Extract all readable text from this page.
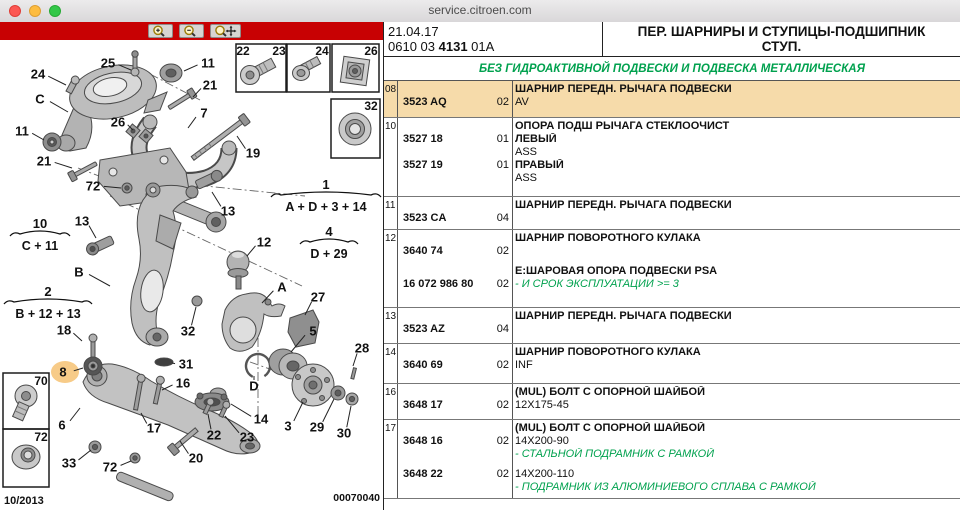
service.citroen.com
24
25	11
C
21
7
26
11
19
21
72
13
13
12
B
A
27
32
18	5
28
31
8
16	D
6	17
14 3 29 30
22 23
20
33 72
1
A + D + 3 + 14
4
D + 29
10
C + 11
2
B + 12 + 13
22 23 24	26
32
70
72
10/2013	00070040
21.04.17
0610 03 4131 01A
ПЕР. ШАРНИРЫ И СТУПИЦЫ-ПОДШИПНИК СТУП.
БЕЗ ГИДРОАКТИВНОЙ ПОДВЕСКИ И ПОДВЕСКА МЕТАЛЛИЧЕСКАЯ
08	ШАРНИР ПЕРЕДН. РЫЧАГА ПОДВЕСКИ
3523 AQ	02 AV
10	ОПОРА ПОДШ РЫЧАГА СТЕКЛООЧИСТ
3527 18	01 ЛЕВЫЙ
ASS
3527 19	01 ПРАВЫЙ
ASS
11	ШАРНИР ПЕРЕДН. РЫЧАГА ПОДВЕСКИ
3523 CA	04
12	ШАРНИР ПОВОРОТНОГО КУЛАКА
3640 74	02
E:ШАРОВАЯ ОПОРА ПОДВЕСКИ PSA
16 072 986 80 02 - И СРОК ЭКСПЛУАТАЦИИ >= 3
13	ШАРНИР ПЕРЕДН. РЫЧАГА ПОДВЕСКИ
3523 AZ	04
14	ШАРНИР ПОВОРОТНОГО КУЛАКА
3640 69	02 INF
16	(MUL) БОЛТ С ОПОРНОЙ ШАЙБОЙ
3648 17	02 12X175-45
17	(MUL) БОЛТ С ОПОРНОЙ ШАЙБОЙ
3648 16	02 14X200-90
- СТАЛЬНОЙ ПОДРАМНИК С РАМКОЙ
3648 22	02 14X200-110
- ПОДРАМНИК ИЗ АЛЮМИНИЕВОГО СПЛАВА С РАМКОЙ
